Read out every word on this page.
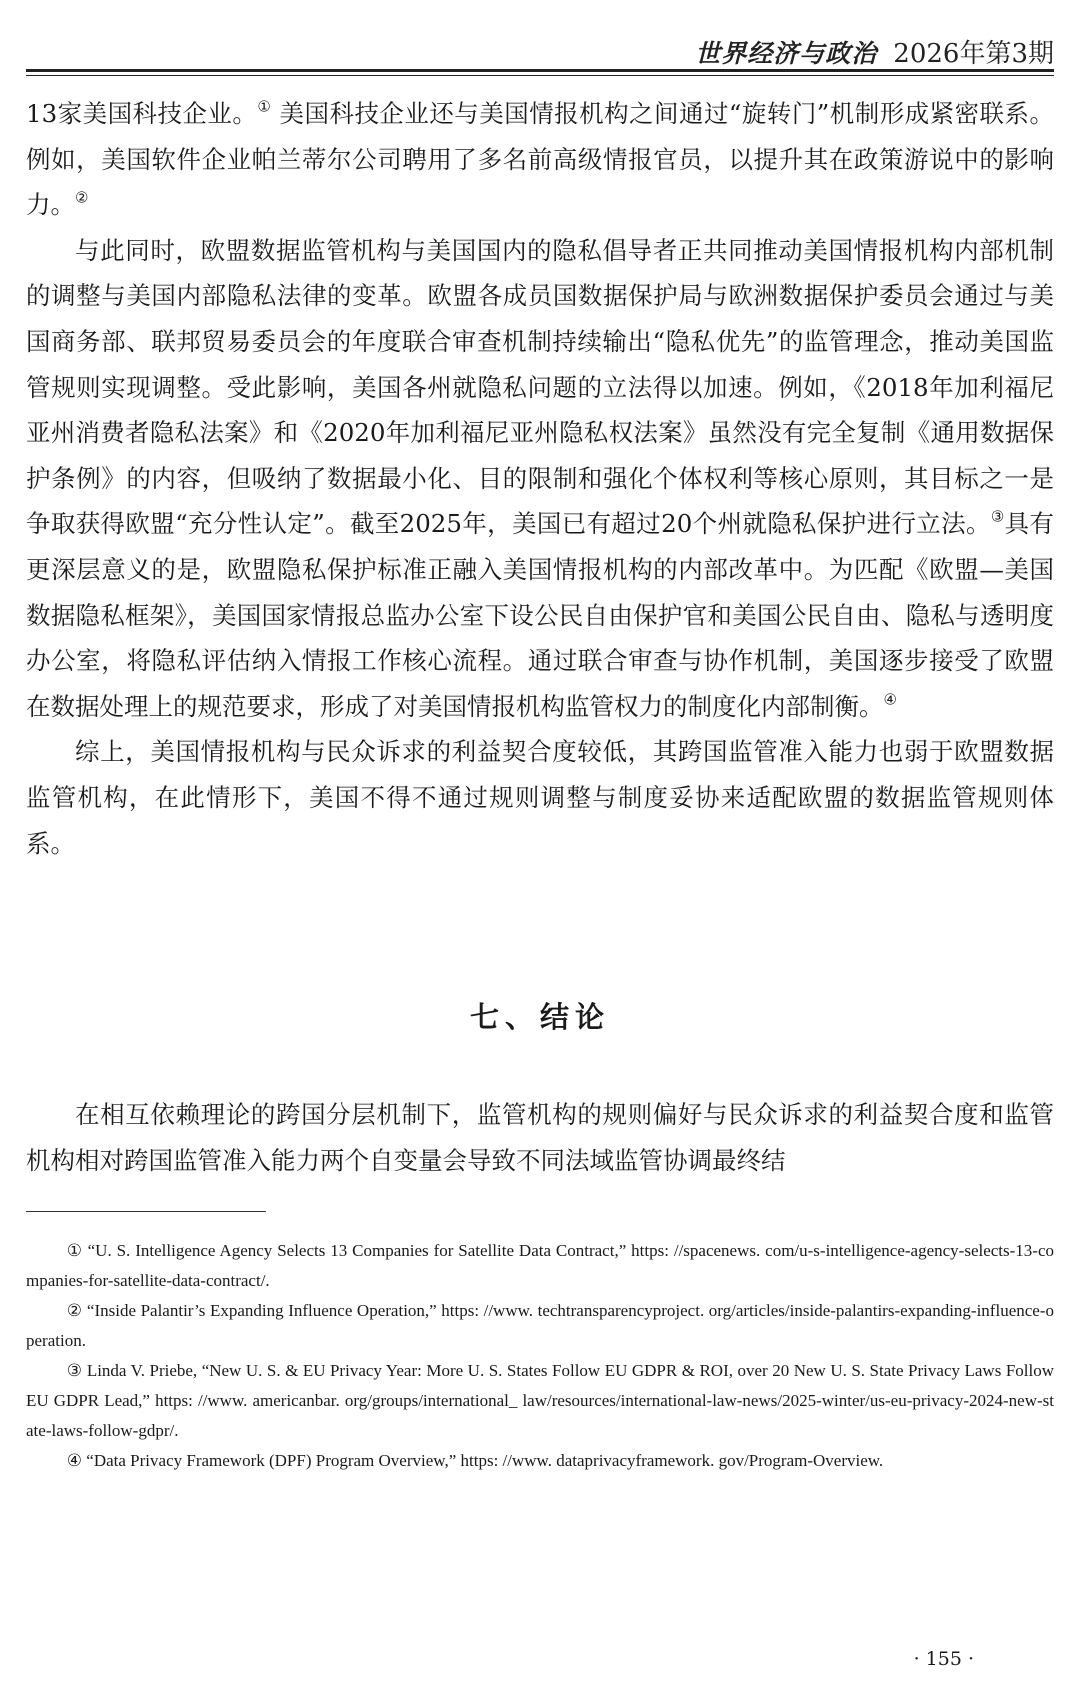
世界经济与政治 2026年第3期

13家美国科技企业。① 美国科技企业还与美国情报机构之间通过“旋转门”机制形成紧密联系。例如，美国软件企业帕兰蒂尔公司聘用了多名前高级情报官员，以提升其在政策游说中的影响力。②

与此同时，欧盟数据监管机构与美国国内的隐私倡导者正共同推动美国情报机构内部机制的调整与美国内部隐私法律的变革。欧盟各成员国数据保护局与欧洲数据保护委员会通过与美国商务部、联邦贸易委员会的年度联合审查机制持续输出“隐私优先”的监管理念，推动美国监管规则实现调整。受此影响，美国各州就隐私问题的立法得以加速。例如，《2018年加利福尼亚州消费者隐私法案》和《2020年加利福尼亚州隐私权法案》虽然没有完全复制《通用数据保护条例》的内容，但吸纳了数据最小化、目的限制和强化个体权利等核心原则，其目标之一是争取获得欧盟“充分性认定”。截至2025年，美国已有超过20个州就隐私保护进行立法。③具有更深层意义的是，欧盟隐私保护标准正融入美国情报机构的内部改革中。为匹配《欧盟—美国数据隐私框架》，美国国家情报总监办公室下设公民自由保护官和美国公民自由、隐私与透明度办公室，将隐私评估纳入情报工作核心流程。通过联合审查与协作机制，美国逐步接受了欧盟在数据处理上的规范要求，形成了对美国情报机构监管权力的制度化内部制衡。④

综上，美国情报机构与民众诉求的利益契合度较低，其跨国监管准入能力也弱于欧盟数据监管机构，在此情形下，美国不得不通过规则调整与制度妥协来适配欧盟的数据监管规则体系。

七、结论

在相互依赖理论的跨国分层机制下，监管机构的规则偏好与民众诉求的利益契合度和监管机构相对跨国监管准入能力两个自变量会导致不同法域监管协调最终结

① “U. S. Intelligence Agency Selects 13 Companies for Satellite Data Contract,” https: //spacenews. com/u-s-intelligence-agency-selects-13-companies-for-satellite-data-contract/.

② “Inside Palantir’s Expanding Influence Operation,” https: //www. techtransparencyproject. org/articles/inside-palantirs-expanding-influence-operation.

③ Linda V. Priebe, “New U. S. & EU Privacy Year: More U. S. States Follow EU GDPR & ROI, over 20 New U. S. State Privacy Laws Follow EU GDPR Lead,” https: //www. americanbar. org/groups/international_ law/resources/international-law-news/2025-winter/us-eu-privacy-2024-new-state-laws-follow-gdpr/.

④ “Data Privacy Framework (DPF) Program Overview,” https: //www. dataprivacyframework. gov/Program-Overview.

· 155 ·
